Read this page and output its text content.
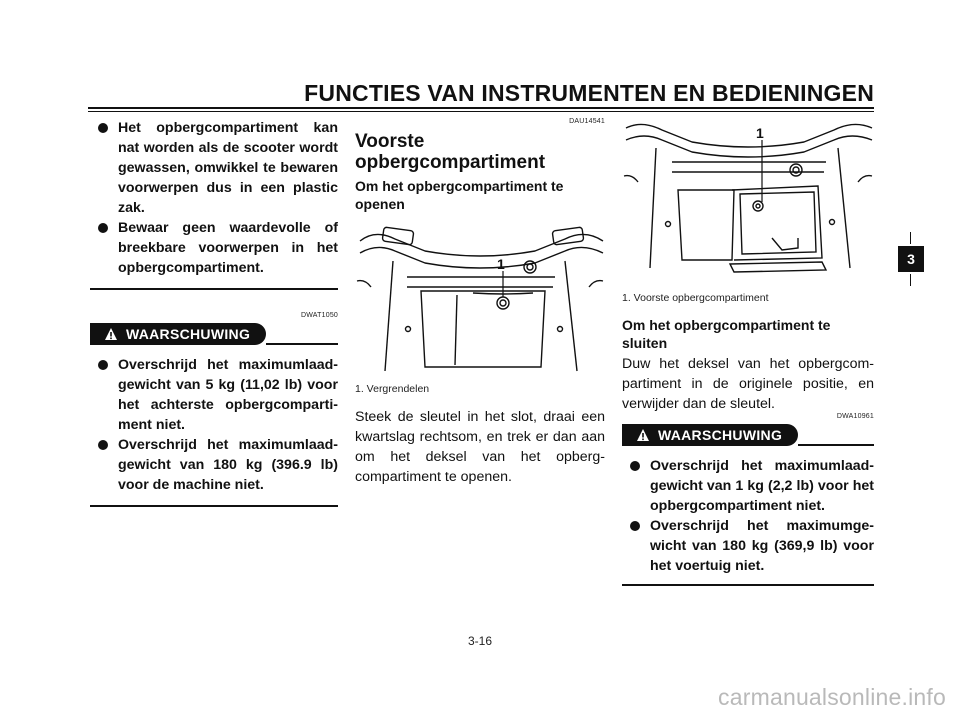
FUNCTIES VAN INSTRUMENTEN EN BEDIENINGEN
Het opbergcompartiment kan nat worden als de scooter wordt gewassen, omwikkel te bewaren voorwerpen dus in een plastic zak.
Bewaar geen waardevolle of breekbare voorwerpen in het opbergcompartiment.
DWAT1050
WAARSCHUWING
Overschrijd het maximumlaad-gewicht van 5 kg (11,02 lb) voor het achterste opbergcomparti-ment niet.
Overschrijd het maximumlaad-gewicht van 180 kg (396.9 lb) voor de machine niet.
DAU14541
Voorste opbergcompartiment
Om het opbergcompartiment te openen
1
1. Vergrendelen
Steek de sleutel in het slot, draai een kwartslag rechtsom, en trek er dan aan om het deksel van het opberg-compartiment te openen.
1
1. Voorste opbergcompartiment
Om het opbergcompartiment te sluiten
Duw het deksel van het opbergcom-partiment in de originele positie, en verwijder dan de sleutel.
DWA10961
WAARSCHUWING
Overschrijd het maximumlaad-gewicht van 1 kg (2,2 lb) voor het opbergcompartiment niet.
Overschrijd het maximumge-wicht van 180 kg (369,9 lb) voor het voertuig niet.
3
3-16
carmanualsonline.info
